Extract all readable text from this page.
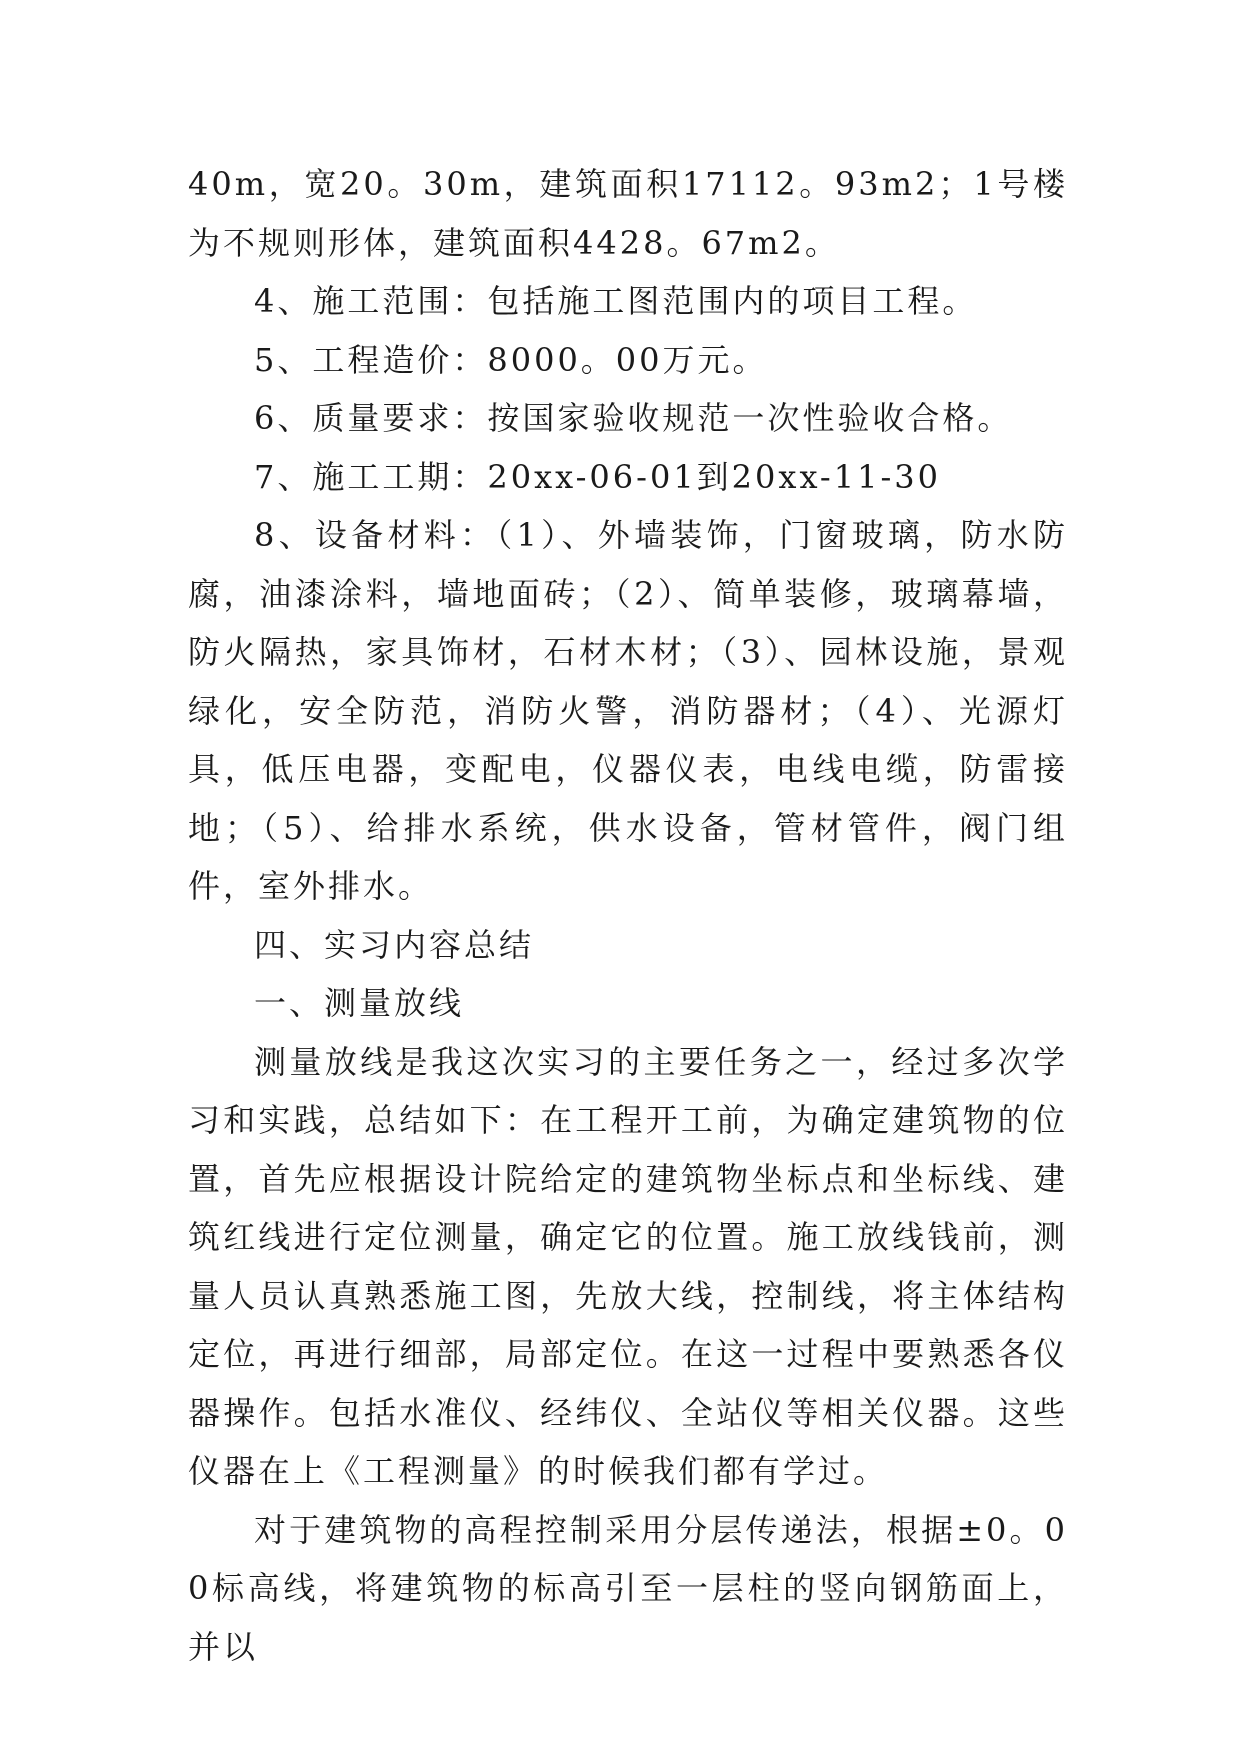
40m，宽20。30m，建筑面积17112。93m2；1号楼为不规则形体，建筑面积4428。67m2。

4、施工范围：包括施工图范围内的项目工程。

5、工程造价：8000。00万元。

6、质量要求：按国家验收规范一次性验收合格。

7、施工工期：20xx-06-01到20xx-11-30

8、设备材料：（1）、外墙装饰，门窗玻璃，防水防腐，油漆涂料，墙地面砖；（2）、简单装修，玻璃幕墙，防火隔热，家具饰材，石材木材；（3）、园林设施，景观绿化，安全防范，消防火警，消防器材；（4）、光源灯具，低压电器，变配电，仪器仪表，电线电缆，防雷接地；（5）、给排水系统，供水设备，管材管件，阀门组件，室外排水。

四、实习内容总结

一、测量放线

测量放线是我这次实习的主要任务之一，经过多次学习和实践，总结如下：在工程开工前，为确定建筑物的位置，首先应根据设计院给定的建筑物坐标点和坐标线、建筑红线进行定位测量，确定它的位置。施工放线钱前，测量人员认真熟悉施工图，先放大线，控制线，将主体结构定位，再进行细部，局部定位。在这一过程中要熟悉各仪器操作。包括水准仪、经纬仪、全站仪等相关仪器。这些仪器在上《工程测量》的时候我们都有学过。

对于建筑物的高程控制采用分层传递法，根据±0。00标高线，将建筑物的标高引至一层柱的竖向钢筋面上，并以
